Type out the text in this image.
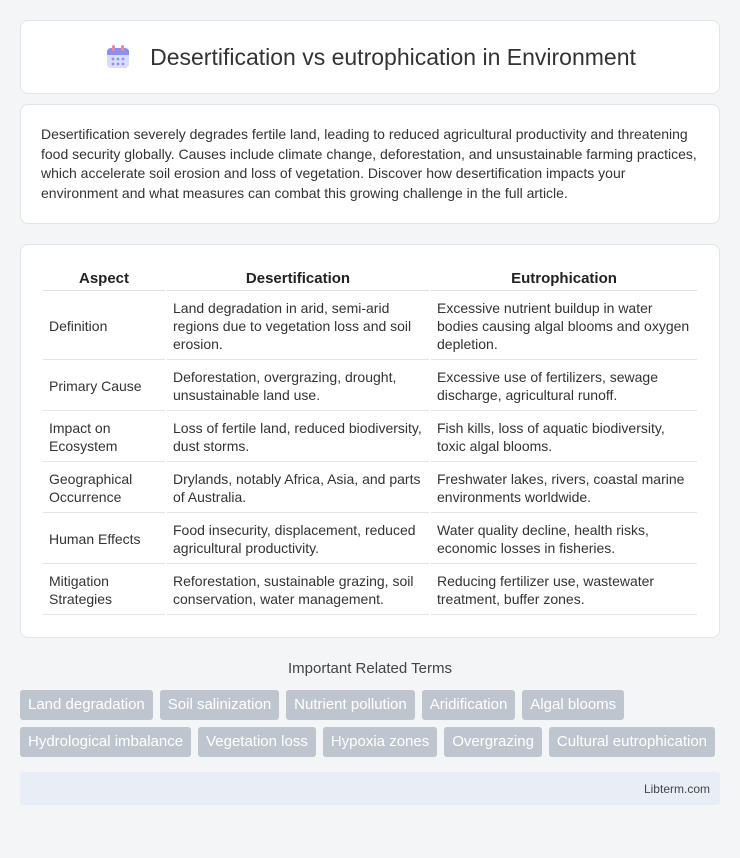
Desertification vs eutrophication in Environment

Desertification severely degrades fertile land, leading to reduced agricultural productivity and threatening food security globally. Causes include climate change, deforestation, and unsustainable farming practices, which accelerate soil erosion and loss of vegetation. Discover how desertification impacts your environment and what measures can combat this growing challenge in the full article.

Aspect	Desertification	Eutrophication
Definition	Land degradation in arid, semi-arid regions due to vegetation loss and soil erosion.	Excessive nutrient buildup in water bodies causing algal blooms and oxygen depletion.
Primary Cause	Deforestation, overgrazing, drought, unsustainable land use.	Excessive use of fertilizers, sewage discharge, agricultural runoff.
Impact on Ecosystem	Loss of fertile land, reduced biodiversity, dust storms.	Fish kills, loss of aquatic biodiversity, toxic algal blooms.
Geographical Occurrence	Drylands, notably Africa, Asia, and parts of Australia.	Freshwater lakes, rivers, coastal marine environments worldwide.
Human Effects	Food insecurity, displacement, reduced agricultural productivity.	Water quality decline, health risks, economic losses in fisheries.
Mitigation Strategies	Reforestation, sustainable grazing, soil conservation, water management.	Reducing fertilizer use, wastewater treatment, buffer zones.
Important Related Terms
Land degradation	Soil salinization	Nutrient pollution	Aridification	Algal blooms
Hydrological imbalance	Vegetation loss	Hypoxia zones	Overgrazing	Cultural eutrophication
Libterm.com
